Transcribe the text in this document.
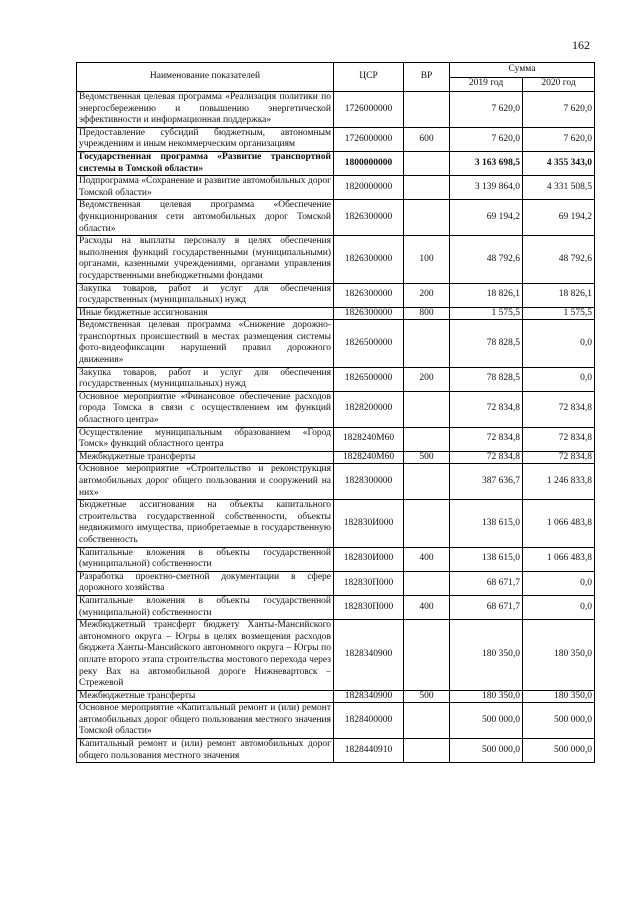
162
Наименование показателей	ЦСР	ВР	Сумма	
			2019 год	2020 год
Ведомственная целевая программа «Реализация политики по энергосбережению и повышению энергетической эффективности и информационная поддержка»	1726000000		7 620,0	7 620,0
Предоставление субсидий бюджетным, автономным учреждениям и иным некоммерческим организациям	1726000000	600	7 620,0	7 620,0
Государственная программа «Развитие транспортной системы в Томской области»	1800000000		3 163 698,5	4 355 343,0
Подпрограмма «Сохранение и развитие автомобильных дорог Томской области»	1820000000		3 139 864,0	4 331 508,5
Ведомственная целевая программа «Обеспечение функционирования сети автомобильных дорог Томской области»	1826300000		69 194,2	69 194,2
Расходы на выплаты персоналу в целях обеспечения выполнения функций государственными (муниципальными) органами, казенными учреждениями, органами управления государственными внебюджетными фондами	1826300000	100	48 792,6	48 792,6
Закупка товаров, работ и услуг для обеспечения государственных (муниципальных) нужд	1826300000	200	18 826,1	18 826,1
Иные бюджетные ассигнования	1826300000	800	1 575,5	1 575,5
Ведомственная целевая программа «Снижение дорожно-транспортных происшествий в местах размещения системы фото-видеофиксации нарушений правил дорожного движения»	1826500000		78 828,5	0,0
Закупка товаров, работ и услуг для обеспечения государственных (муниципальных) нужд	1826500000	200	78 828,5	0,0
Основное мероприятие «Финансовое обеспечение расходов города Томска в связи с осуществлением им функций областного центра»	1828200000		72 834,8	72 834,8
Осуществление муниципальным образованием «Город Томск» функций областного центра	1828240М60		72 834,8	72 834,8
Межбюджетные трансферты	1828240М60	500	72 834,8	72 834,8
Основное мероприятие «Строительство и реконструкция автомобильных дорог общего пользования и сооружений на них»	1828300000		387 636,7	1 246 833,8
Бюджетные ассигнования на объекты капитального строительства государственной собственности, объекты недвижимого имущества, приобретаемые в государственную собственность	182830И000		138 615,0	1 066 483,8
Капитальные вложения в объекты государственной (муниципальной) собственности	182830И000	400	138 615,0	1 066 483,8
Разработка проектно-сметной документации в сфере дорожного хозяйства	182830П000		68 671,7	0,0
Капитальные вложения в объекты государственной (муниципальной) собственности	182830П000	400	68 671,7	0,0
Межбюджетный трансферт бюджету Ханты-Мансийского автономного округа – Югры в целях возмещения расходов бюджета Ханты-Мансийского автономного округа – Югры по оплате второго этапа строительства мостового перехода через реку Вах на автомобильной дороге Нижневартовск – Стрежевой	1828340900		180 350,0	180 350,0
Межбюджетные трансферты	1828340900	500	180 350,0	180 350,0
Основное мероприятие «Капитальный ремонт и (или) ремонт автомобильных дорог общего пользования местного значения Томской области»	1828400000		500 000,0	500 000,0
Капитальный ремонт и (или) ремонт автомобильных дорог общего пользования местного значения	1828440910		500 000,0	500 000,0
